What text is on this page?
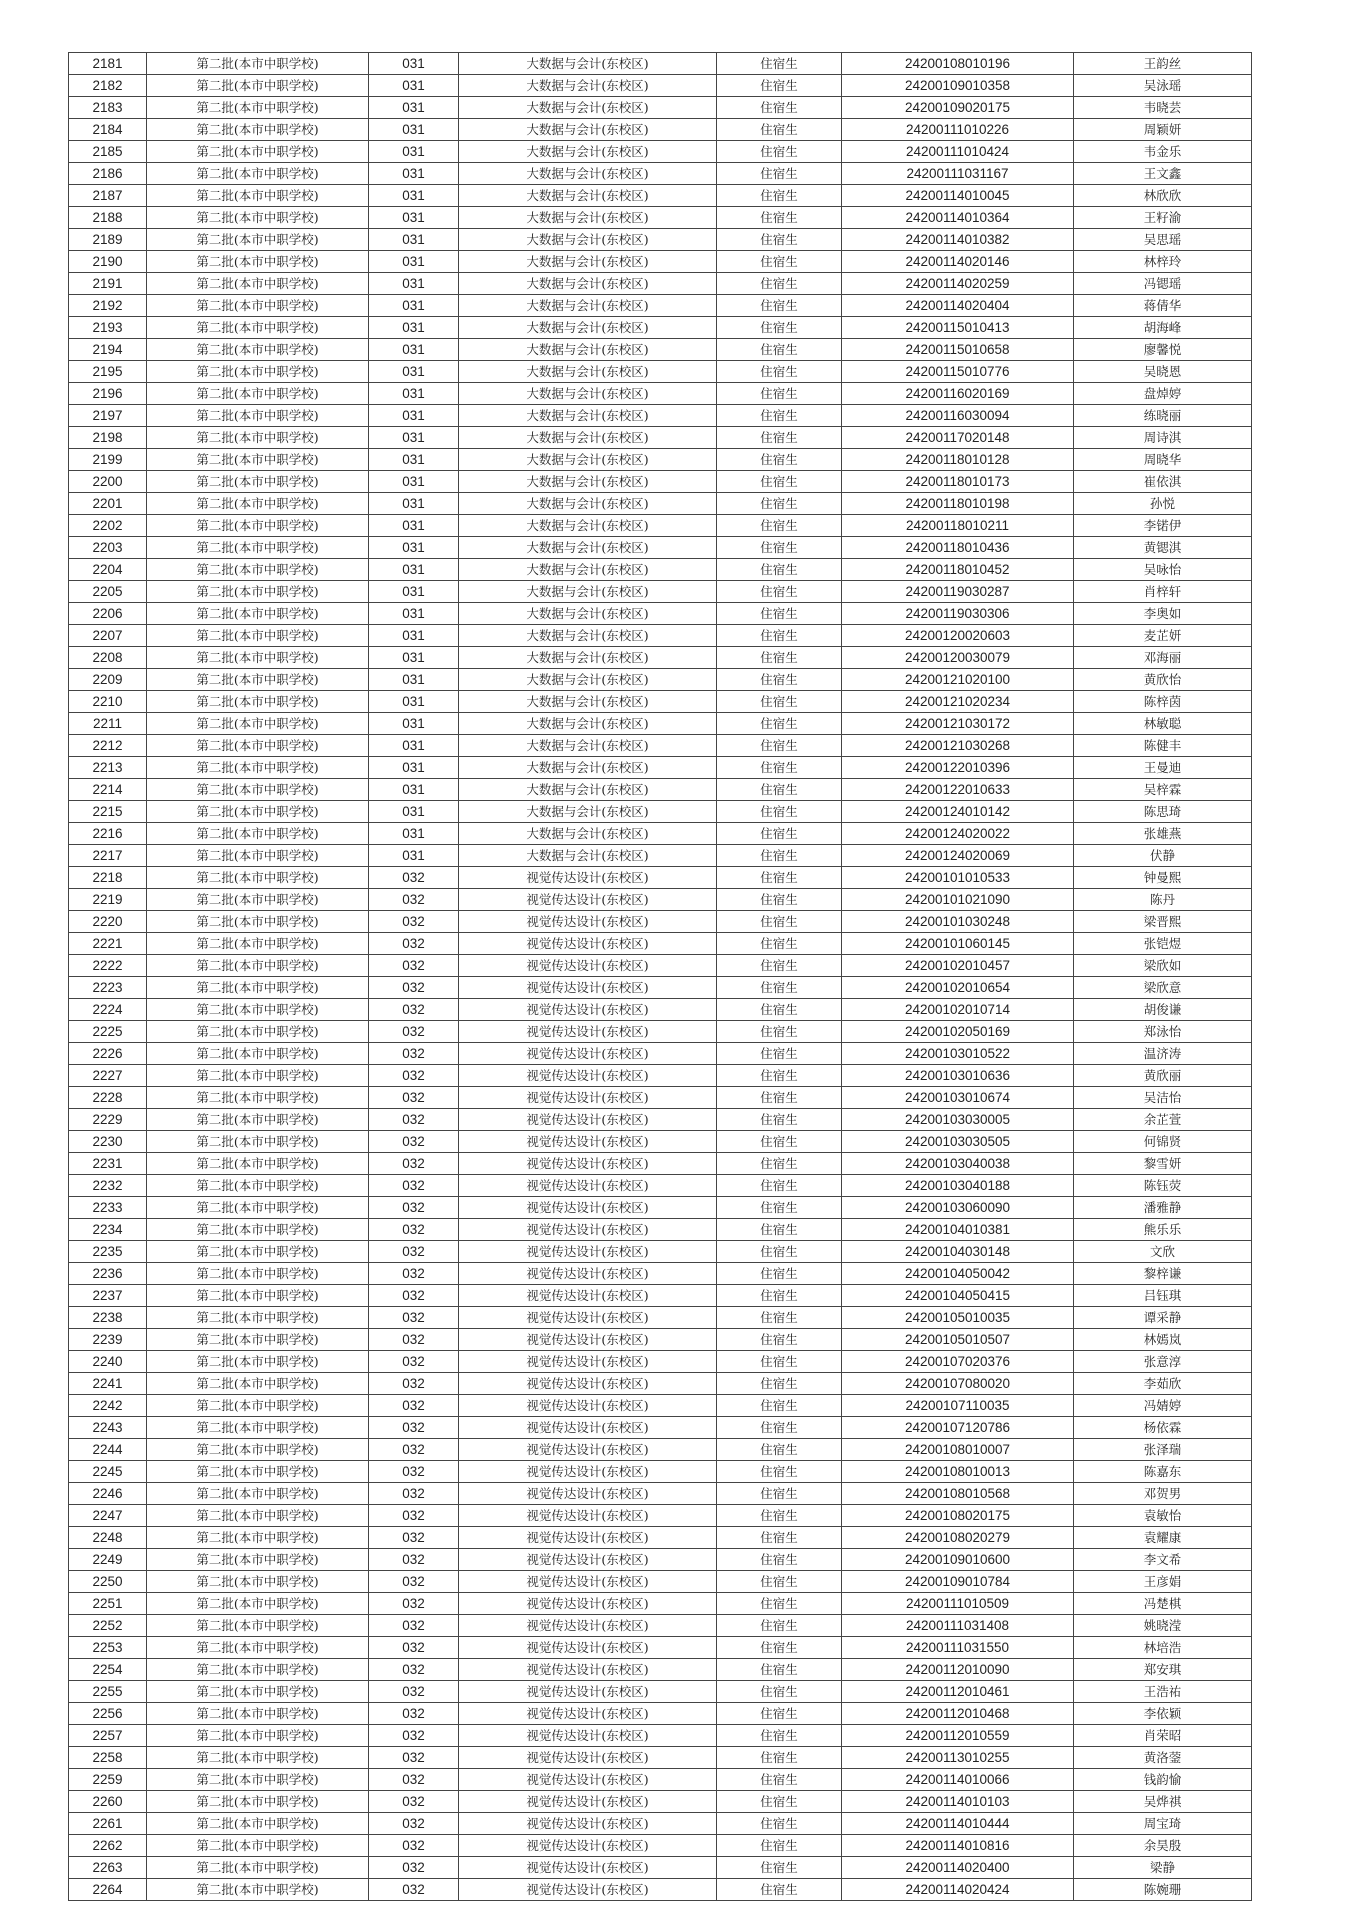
2181	第二批(本市中职学校)	031	大数据与会计(东校区)	住宿生	24200108010196	王韵丝
2182	第二批(本市中职学校)	031	大数据与会计(东校区)	住宿生	24200109010358	吴泳瑶
2183	第二批(本市中职学校)	031	大数据与会计(东校区)	住宿生	24200109020175	韦晓芸
2184	第二批(本市中职学校)	031	大数据与会计(东校区)	住宿生	24200111010226	周颖妍
2185	第二批(本市中职学校)	031	大数据与会计(东校区)	住宿生	24200111010424	韦金乐
2186	第二批(本市中职学校)	031	大数据与会计(东校区)	住宿生	24200111031167	王文鑫
2187	第二批(本市中职学校)	031	大数据与会计(东校区)	住宿生	24200114010045	林欣欣
2188	第二批(本市中职学校)	031	大数据与会计(东校区)	住宿生	24200114010364	王籽渝
2189	第二批(本市中职学校)	031	大数据与会计(东校区)	住宿生	24200114010382	吴思瑶
2190	第二批(本市中职学校)	031	大数据与会计(东校区)	住宿生	24200114020146	林梓玲
2191	第二批(本市中职学校)	031	大数据与会计(东校区)	住宿生	24200114020259	冯锶瑶
2192	第二批(本市中职学校)	031	大数据与会计(东校区)	住宿生	24200114020404	蒋倩华
2193	第二批(本市中职学校)	031	大数据与会计(东校区)	住宿生	24200115010413	胡海峰
2194	第二批(本市中职学校)	031	大数据与会计(东校区)	住宿生	24200115010658	廖馨悦
2195	第二批(本市中职学校)	031	大数据与会计(东校区)	住宿生	24200115010776	吴晓恩
2196	第二批(本市中职学校)	031	大数据与会计(东校区)	住宿生	24200116020169	盘焯婷
2197	第二批(本市中职学校)	031	大数据与会计(东校区)	住宿生	24200116030094	练晓丽
2198	第二批(本市中职学校)	031	大数据与会计(东校区)	住宿生	24200117020148	周诗淇
2199	第二批(本市中职学校)	031	大数据与会计(东校区)	住宿生	24200118010128	周晓华
2200	第二批(本市中职学校)	031	大数据与会计(东校区)	住宿生	24200118010173	崔依淇
2201	第二批(本市中职学校)	031	大数据与会计(东校区)	住宿生	24200118010198	孙悦
2202	第二批(本市中职学校)	031	大数据与会计(东校区)	住宿生	24200118010211	李锘伊
2203	第二批(本市中职学校)	031	大数据与会计(东校区)	住宿生	24200118010436	黄锶淇
2204	第二批(本市中职学校)	031	大数据与会计(东校区)	住宿生	24200118010452	吴咏怡
2205	第二批(本市中职学校)	031	大数据与会计(东校区)	住宿生	24200119030287	肖梓轩
2206	第二批(本市中职学校)	031	大数据与会计(东校区)	住宿生	24200119030306	李奥如
2207	第二批(本市中职学校)	031	大数据与会计(东校区)	住宿生	24200120020603	麦芷妍
2208	第二批(本市中职学校)	031	大数据与会计(东校区)	住宿生	24200120030079	邓海丽
2209	第二批(本市中职学校)	031	大数据与会计(东校区)	住宿生	24200121020100	黄欣怡
2210	第二批(本市中职学校)	031	大数据与会计(东校区)	住宿生	24200121020234	陈梓茵
2211	第二批(本市中职学校)	031	大数据与会计(东校区)	住宿生	24200121030172	林敏聪
2212	第二批(本市中职学校)	031	大数据与会计(东校区)	住宿生	24200121030268	陈健丰
2213	第二批(本市中职学校)	031	大数据与会计(东校区)	住宿生	24200122010396	王曼迪
2214	第二批(本市中职学校)	031	大数据与会计(东校区)	住宿生	24200122010633	吴梓霖
2215	第二批(本市中职学校)	031	大数据与会计(东校区)	住宿生	24200124010142	陈思琦
2216	第二批(本市中职学校)	031	大数据与会计(东校区)	住宿生	24200124020022	张雄燕
2217	第二批(本市中职学校)	031	大数据与会计(东校区)	住宿生	24200124020069	伏静
2218	第二批(本市中职学校)	032	视觉传达设计(东校区)	住宿生	24200101010533	钟曼熙
2219	第二批(本市中职学校)	032	视觉传达设计(东校区)	住宿生	24200101021090	陈丹
2220	第二批(本市中职学校)	032	视觉传达设计(东校区)	住宿生	24200101030248	梁晋熙
2221	第二批(本市中职学校)	032	视觉传达设计(东校区)	住宿生	24200101060145	张铠煜
2222	第二批(本市中职学校)	032	视觉传达设计(东校区)	住宿生	24200102010457	梁欣如
2223	第二批(本市中职学校)	032	视觉传达设计(东校区)	住宿生	24200102010654	梁欣意
2224	第二批(本市中职学校)	032	视觉传达设计(东校区)	住宿生	24200102010714	胡俊谦
2225	第二批(本市中职学校)	032	视觉传达设计(东校区)	住宿生	24200102050169	郑泳怡
2226	第二批(本市中职学校)	032	视觉传达设计(东校区)	住宿生	24200103010522	温济涛
2227	第二批(本市中职学校)	032	视觉传达设计(东校区)	住宿生	24200103010636	黄欣丽
2228	第二批(本市中职学校)	032	视觉传达设计(东校区)	住宿生	24200103010674	吴洁怡
2229	第二批(本市中职学校)	032	视觉传达设计(东校区)	住宿生	24200103030005	余芷萱
2230	第二批(本市中职学校)	032	视觉传达设计(东校区)	住宿生	24200103030505	何锦贤
2231	第二批(本市中职学校)	032	视觉传达设计(东校区)	住宿生	24200103040038	黎雪妍
2232	第二批(本市中职学校)	032	视觉传达设计(东校区)	住宿生	24200103040188	陈钰荧
2233	第二批(本市中职学校)	032	视觉传达设计(东校区)	住宿生	24200103060090	潘雅静
2234	第二批(本市中职学校)	032	视觉传达设计(东校区)	住宿生	24200104010381	熊乐乐
2235	第二批(本市中职学校)	032	视觉传达设计(东校区)	住宿生	24200104030148	文欣
2236	第二批(本市中职学校)	032	视觉传达设计(东校区)	住宿生	24200104050042	黎梓谦
2237	第二批(本市中职学校)	032	视觉传达设计(东校区)	住宿生	24200104050415	吕钰琪
2238	第二批(本市中职学校)	032	视觉传达设计(东校区)	住宿生	24200105010035	谭采静
2239	第二批(本市中职学校)	032	视觉传达设计(东校区)	住宿生	24200105010507	林嫣岚
2240	第二批(本市中职学校)	032	视觉传达设计(东校区)	住宿生	24200107020376	张意淳
2241	第二批(本市中职学校)	032	视觉传达设计(东校区)	住宿生	24200107080020	李茹欣
2242	第二批(本市中职学校)	032	视觉传达设计(东校区)	住宿生	24200107110035	冯婧婷
2243	第二批(本市中职学校)	032	视觉传达设计(东校区)	住宿生	24200107120786	杨依霖
2244	第二批(本市中职学校)	032	视觉传达设计(东校区)	住宿生	24200108010007	张泽瑞
2245	第二批(本市中职学校)	032	视觉传达设计(东校区)	住宿生	24200108010013	陈嘉东
2246	第二批(本市中职学校)	032	视觉传达设计(东校区)	住宿生	24200108010568	邓贺男
2247	第二批(本市中职学校)	032	视觉传达设计(东校区)	住宿生	24200108020175	袁敏怡
2248	第二批(本市中职学校)	032	视觉传达设计(东校区)	住宿生	24200108020279	袁耀康
2249	第二批(本市中职学校)	032	视觉传达设计(东校区)	住宿生	24200109010600	李文希
2250	第二批(本市中职学校)	032	视觉传达设计(东校区)	住宿生	24200109010784	王彦娟
2251	第二批(本市中职学校)	032	视觉传达设计(东校区)	住宿生	24200111010509	冯楚棋
2252	第二批(本市中职学校)	032	视觉传达设计(东校区)	住宿生	24200111031408	姚晓滢
2253	第二批(本市中职学校)	032	视觉传达设计(东校区)	住宿生	24200111031550	林培浩
2254	第二批(本市中职学校)	032	视觉传达设计(东校区)	住宿生	24200112010090	郑安琪
2255	第二批(本市中职学校)	032	视觉传达设计(东校区)	住宿生	24200112010461	王浩祐
2256	第二批(本市中职学校)	032	视觉传达设计(东校区)	住宿生	24200112010468	李依颖
2257	第二批(本市中职学校)	032	视觉传达设计(东校区)	住宿生	24200112010559	肖荣昭
2258	第二批(本市中职学校)	032	视觉传达设计(东校区)	住宿生	24200113010255	黄洛蓥
2259	第二批(本市中职学校)	032	视觉传达设计(东校区)	住宿生	24200114010066	钱韵愉
2260	第二批(本市中职学校)	032	视觉传达设计(东校区)	住宿生	24200114010103	吴烨祺
2261	第二批(本市中职学校)	032	视觉传达设计(东校区)	住宿生	24200114010444	周宝琦
2262	第二批(本市中职学校)	032	视觉传达设计(东校区)	住宿生	24200114010816	余昊殷
2263	第二批(本市中职学校)	032	视觉传达设计(东校区)	住宿生	24200114020400	梁静
2264	第二批(本市中职学校)	032	视觉传达设计(东校区)	住宿生	24200114020424	陈婉珊
